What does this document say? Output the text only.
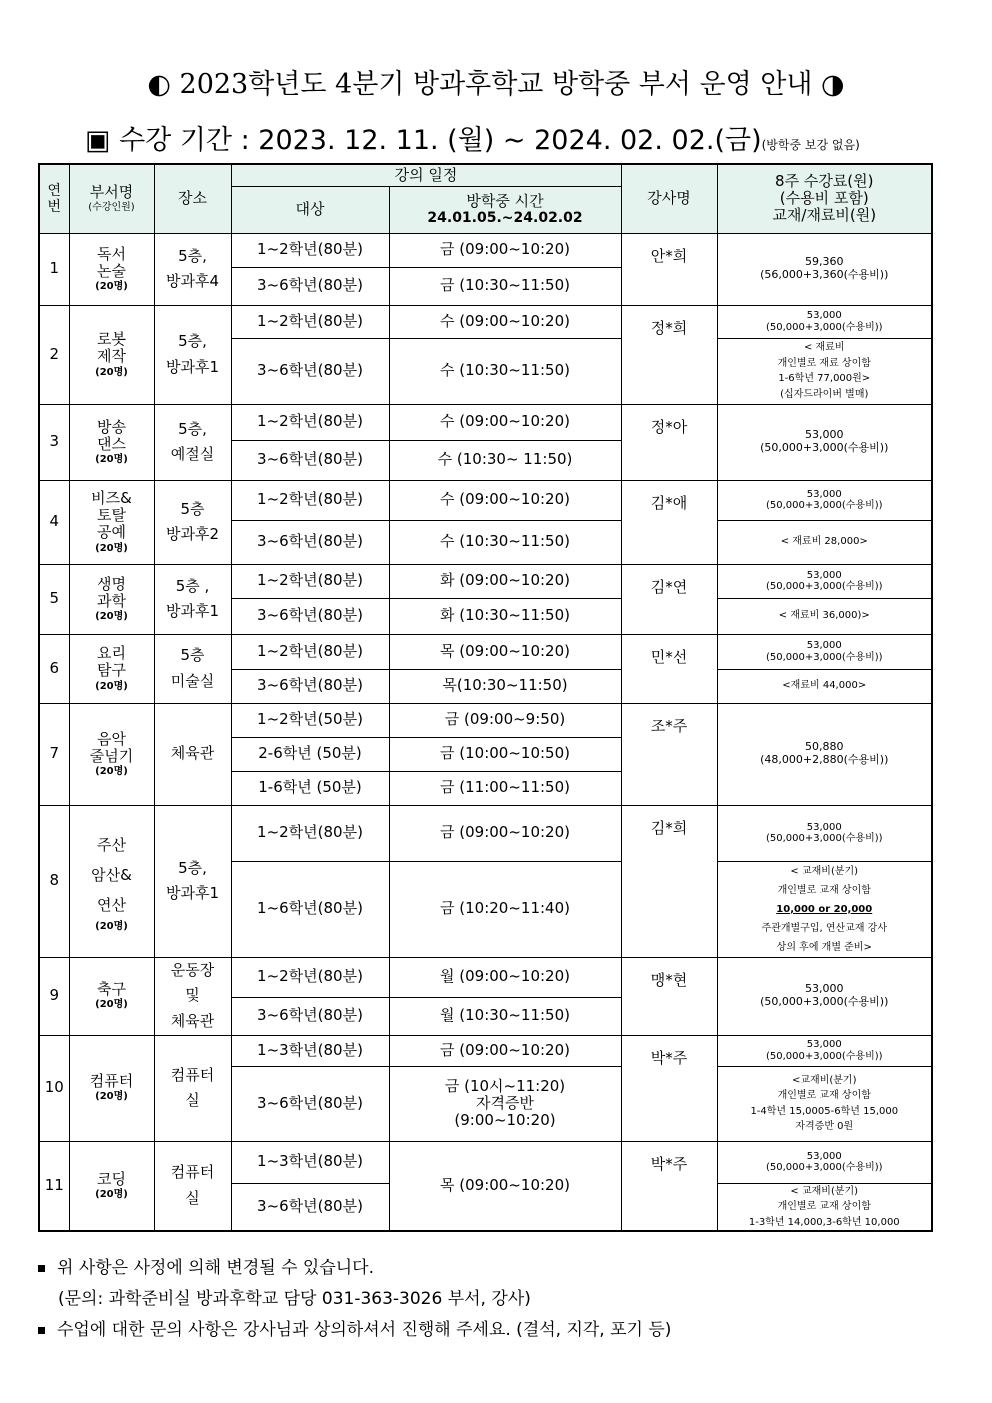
◐ 2023학년도 4분기 방과후학교 방학중 부서 운영 안내 ◑
▣ 수강 기간 : 2023. 12. 11. (월) ~ 2024. 02. 02.(금)(방학중 보강 없음)
연번	부서명
(수강인원)	장소	강의 일정		강사명	8주 수강료(원)
(수용비 포함)
교재/재료비(원)

			대상	방학중 시간
24.01.05.~24.02.02		

1	독서
논술
(20명)	5층,
방과후4	1~2학년(80분)	금 (09:00~10:20)	안*희	59,360
(56,000+3,360(수용비))
			3~6학년(80분)	금 (10:30~11:50)		
2	로봇
제작
(20명)	5층,
방과후1	1~2학년(80분)	수 (09:00~10:20)	정*희	53,000
(50,000+3,000(수용비))
			3~6학년(80분)	수 (10:30~11:50)		< 재료비
개인별로 재료 상이함
1-6학년 77,000원>
(십자드라이버 별매)
3	방송
댄스
(20명)	5층,
예절실	1~2학년(80분)	수 (09:00~10:20)	정*아	53,000
(50,000+3,000(수용비))
			3~6학년(80분)	수 (10:30~ 11:50)		
4	비즈&
토탈
공예
(20명)	5층
방과후2	1~2학년(80분)	수 (09:00~10:20)	김*애	53,000
(50,000+3,000(수용비))
			3~6학년(80분)	수 (10:30~11:50)		< 재료비 28,000>
5	생명
과학
(20명)	5층 ,
방과후1	1~2학년(80분)	화 (09:00~10:20)	김*연	53,000
(50,000+3,000(수용비))
			3~6학년(80분)	화 (10:30~11:50)		< 재료비 36,000)>
6	요리
탐구
(20명)	5층
미술실	1~2학년(80분)	목 (09:00~10:20)	민*선	53,000
(50,000+3,000(수용비))
			3~6학년(80분)	목(10:30~11:50)		<재료비 44,000>
7	음악
줄넘기
(20명)	체육관	1~2학년(50분)	금 (09:00~9:50)	조*주	50,880
(48,000+2,880(수용비))
			2-6학년 (50분)	금 (10:00~10:50)		
			1-6학년 (50분)	금 (11:00~11:50)		
8	주산
암산&
연산
(20명)	5층,
방과후1	1~2학년(80분)	금 (09:00~10:20)	김*희	53,000
(50,000+3,000(수용비))
			1~6학년(80분)	금 (10:20~11:40)		< 교재비(분기)
개인별로 교재 상이함
10,000 or 20,000
주관개별구입, 연산교재 강사
상의 후에 개별 준비>

9	축구
(20명)	운동장
및
체육관	1~2학년(80분)	월 (09:00~10:20)	맹*현	53,000
(50,000+3,000(수용비))
			3~6학년(80분)	월 (10:30~11:50)		
10	컴퓨터
(20명)	컴퓨터
실	1~3학년(80분)	금 (09:00~10:20)	박*주	53,000
(50,000+3,000(수용비))
			3~6학년(80분)	금 (10시~11:20)
자격증반
(9:00~10:20)		<교재비(분기)
개인별로 교재 상이함
1-4학년 15,0005-6학년 15,000
자격증반 0원
11	코딩
(20명)	컴퓨터
실	1~3학년(80분)	목 (09:00~10:20)	박*주	53,000
(50,000+3,000(수용비))
			3~6학년(80분)			< 교재비(분기)
개인별로 교재 상이함
1-3학년 14,000,3-6학년 10,000
위 사항은 사정에 의해 변경될 수 있습니다.
(문의: 과학준비실 방과후학교 담당 031-363-3026 부서, 강사)
수업에 대한 문의 사항은 강사님과 상의하셔서 진행해 주세요. (결석, 지각, 포기 등)
